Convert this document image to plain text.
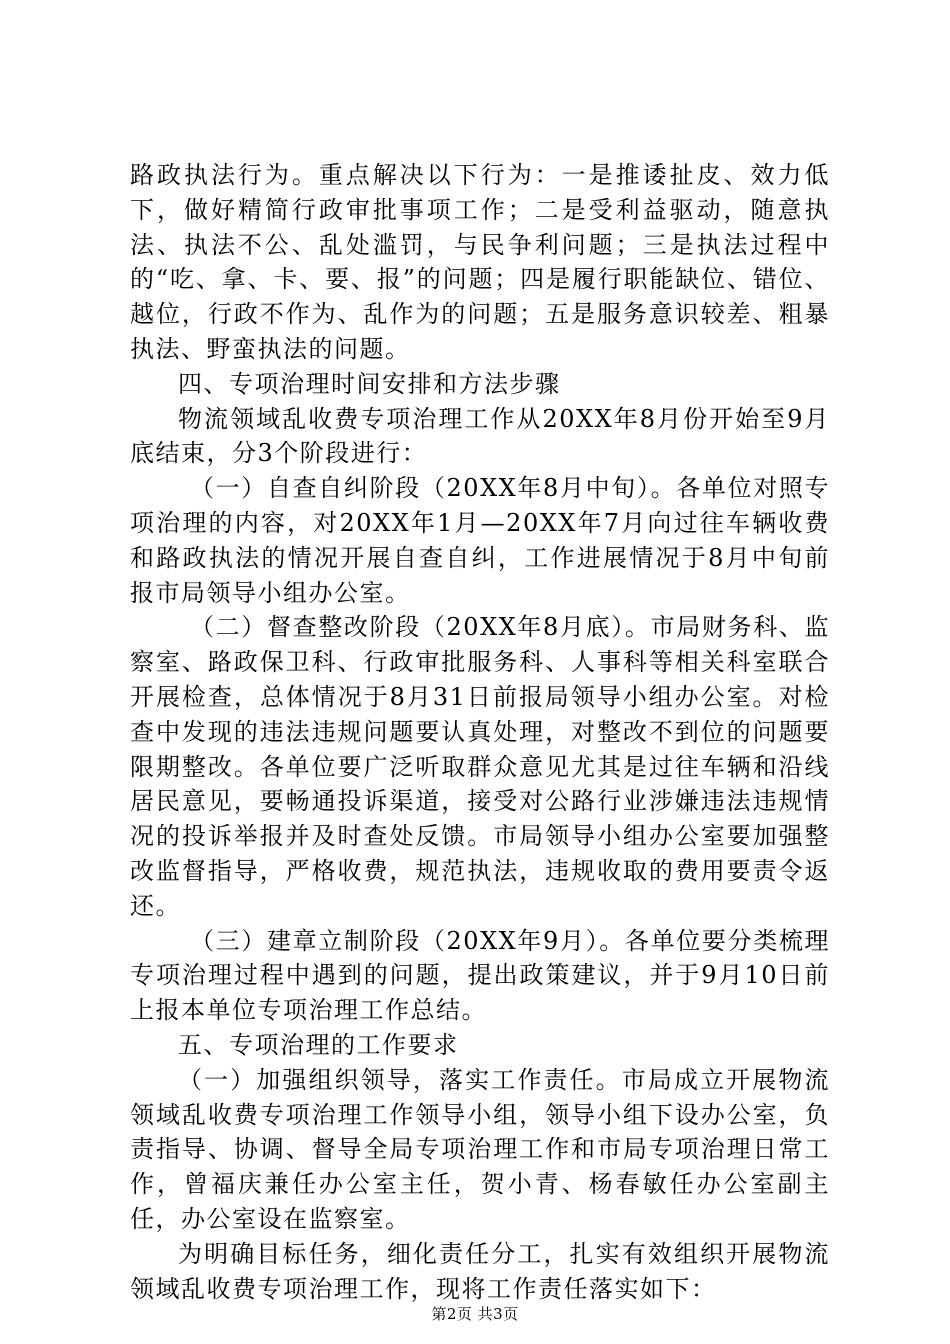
路政执法行为。重点解决以下行为：一是推诿扯皮、效力低下，做好精简行政审批事项工作；二是受利益驱动，随意执法、执法不公、乱处滥罚，与民争利问题；三是执法过程中的“吃、拿、卡、要、报”的问题；四是履行职能缺位、错位、越位，行政不作为、乱作为的问题；五是服务意识较差、粗暴执法、野蛮执法的问题。

四、专项治理时间安排和方法步骤

物流领域乱收费专项治理工作从20XX年8月份开始至9月底结束，分3个阶段进行：

（一）自查自纠阶段（20XX年8月中旬）。各单位对照专项治理的内容，对20XX年1月—20XX年7月向过往车辆收费和路政执法的情况开展自查自纠，工作进展情况于8月中旬前报市局领导小组办公室。

（二）督查整改阶段（20XX年8月底）。市局财务科、监察室、路政保卫科、行政审批服务科、人事科等相关科室联合开展检查，总体情况于8月31日前报局领导小组办公室。对检查中发现的违法违规问题要认真处理，对整改不到位的问题要限期整改。各单位要广泛听取群众意见尤其是过往车辆和沿线居民意见，要畅通投诉渠道，接受对公路行业涉嫌违法违规情况的投诉举报并及时查处反馈。市局领导小组办公室要加强整改监督指导，严格收费，规范执法，违规收取的费用要责令返还。

（三）建章立制阶段（20XX年9月）。各单位要分类梳理专项治理过程中遇到的问题，提出政策建议，并于9月10日前上报本单位专项治理工作总结。

五、专项治理的工作要求

（一）加强组织领导，落实工作责任。市局成立开展物流领域乱收费专项治理工作领导小组，领导小组下设办公室，负责指导、协调、督导全局专项治理工作和市局专项治理日常工作，曾福庆兼任办公室主任，贺小青、杨春敏任办公室副主任，办公室设在监察室。

为明确目标任务，细化责任分工，扎实有效组织开展物流领域乱收费专项治理工作，现将工作责任落实如下：

第2页 共3页
